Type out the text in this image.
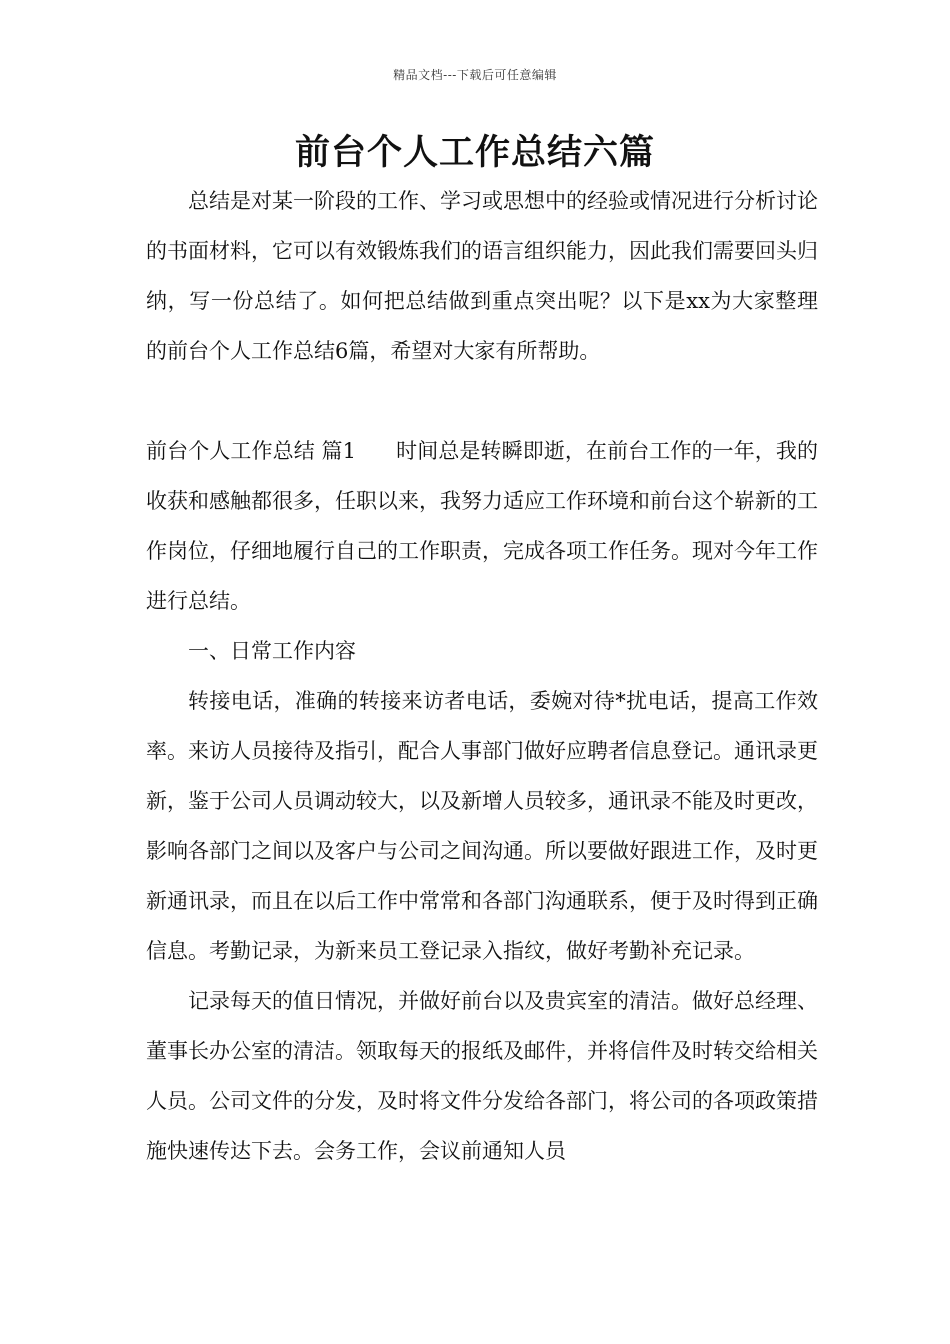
精品文档---下载后可任意编辑
前台个人工作总结六篇

总结是对某一阶段的工作、学习或思想中的经验或情况进行分析讨论的书面材料，它可以有效锻炼我们的语言组织能力，因此我们需要回头归纳，写一份总结了。如何把总结做到重点突出呢？以下是xx为大家整理的前台个人工作总结6篇，希望对大家有所帮助。

前台个人工作总结 篇1 时间总是转瞬即逝，在前台工作的一年，我的收获和感触都很多，任职以来，我努力适应工作环境和前台这个崭新的工作岗位，仔细地履行自己的工作职责，完成各项工作任务。现对今年工作进行总结。

一、日常工作内容

转接电话，准确的转接来访者电话，委婉对待*扰电话，提高工作效率。来访人员接待及指引，配合人事部门做好应聘者信息登记。通讯录更新，鉴于公司人员调动较大，以及新增人员较多，通讯录不能及时更改，影响各部门之间以及客户与公司之间沟通。所以要做好跟进工作，及时更新通讯录，而且在以后工作中常常和各部门沟通联系，便于及时得到正确信息。考勤记录，为新来员工登记录入指纹，做好考勤补充记录。

记录每天的值日情况，并做好前台以及贵宾室的清洁。做好总经理、董事长办公室的清洁。领取每天的报纸及邮件，并将信件及时转交给相关人员。公司文件的分发，及时将文件分发给各部门，将公司的各项政策措施快速传达下去。会务工作，会议前通知人员
